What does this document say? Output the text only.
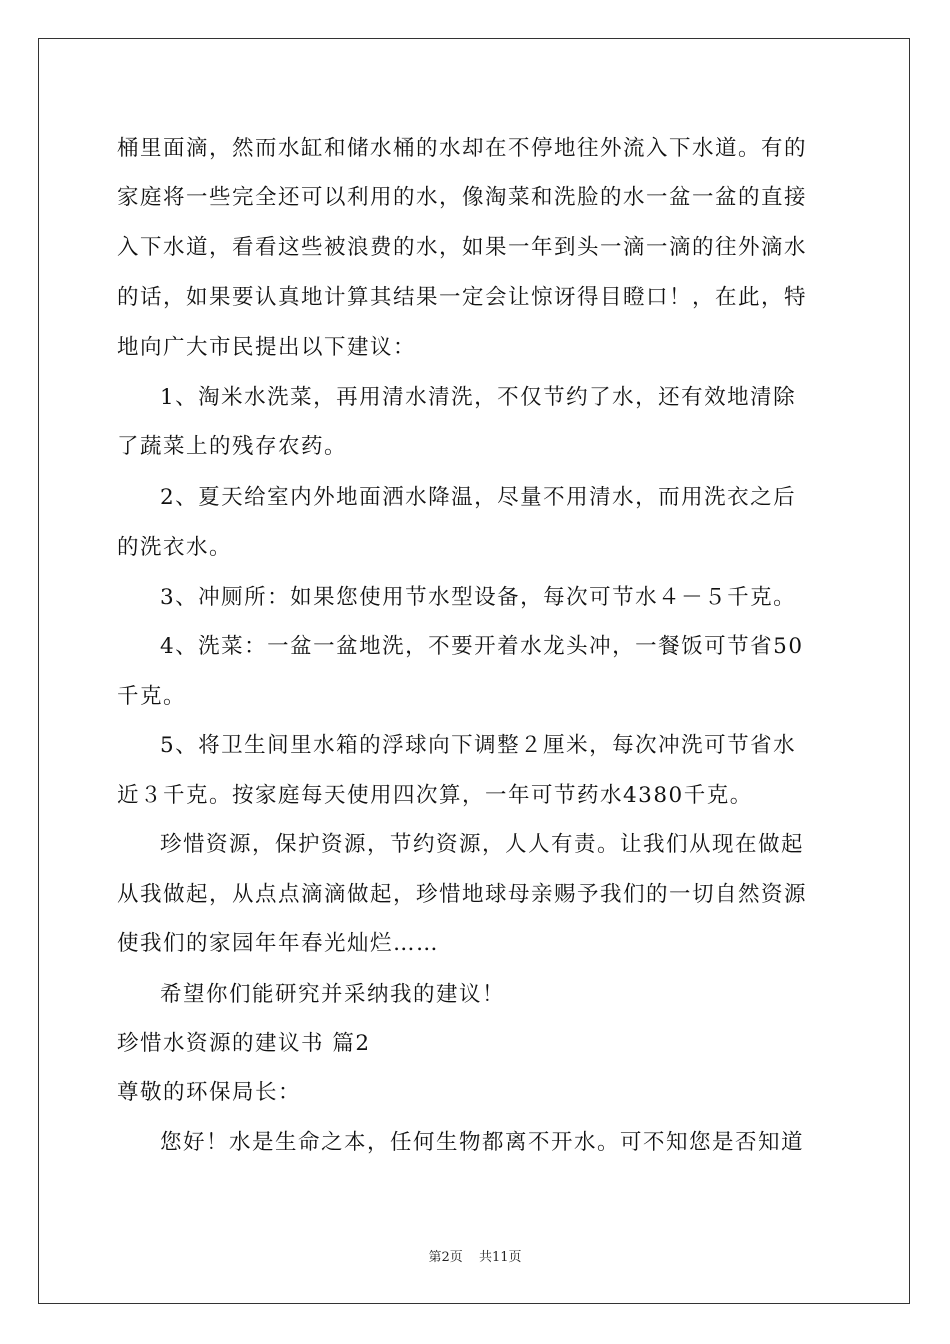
桶里面滴，然而水缸和储水桶的水却在不停地往外流入下水道。有的
家庭将一些完全还可以利用的水，像淘菜和洗脸的水一盆一盆的直接
入下水道，看看这些被浪费的水，如果一年到头一滴一滴的往外滴水
的话，如果要认真地计算其结果一定会让惊讶得目瞪口！，在此，特
地向广大市民提出以下建议：
1、淘米水洗菜，再用清水清洗，不仅节约了水，还有效地清除
了蔬菜上的残存农药。
2、夏天给室内外地面洒水降温，尽量不用清水，而用洗衣之后
的洗衣水。
3、冲厕所：如果您使用节水型设备，每次可节水４－５千克。
4、洗菜：一盆一盆地洗，不要开着水龙头冲，一餐饭可节省50
千克。
5、将卫生间里水箱的浮球向下调整２厘米，每次冲洗可节省水
近３千克。按家庭每天使用四次算，一年可节药水4380千克。
珍惜资源，保护资源，节约资源，人人有责。让我们从现在做起
从我做起，从点点滴滴做起，珍惜地球母亲赐予我们的一切自然资源
使我们的家园年年春光灿烂……
希望你们能研究并采纳我的建议！
珍惜水资源的建议书 篇2
尊敬的环保局长：
您好！水是生命之本，任何生物都离不开水。可不知您是否知道
第2页 共11页
